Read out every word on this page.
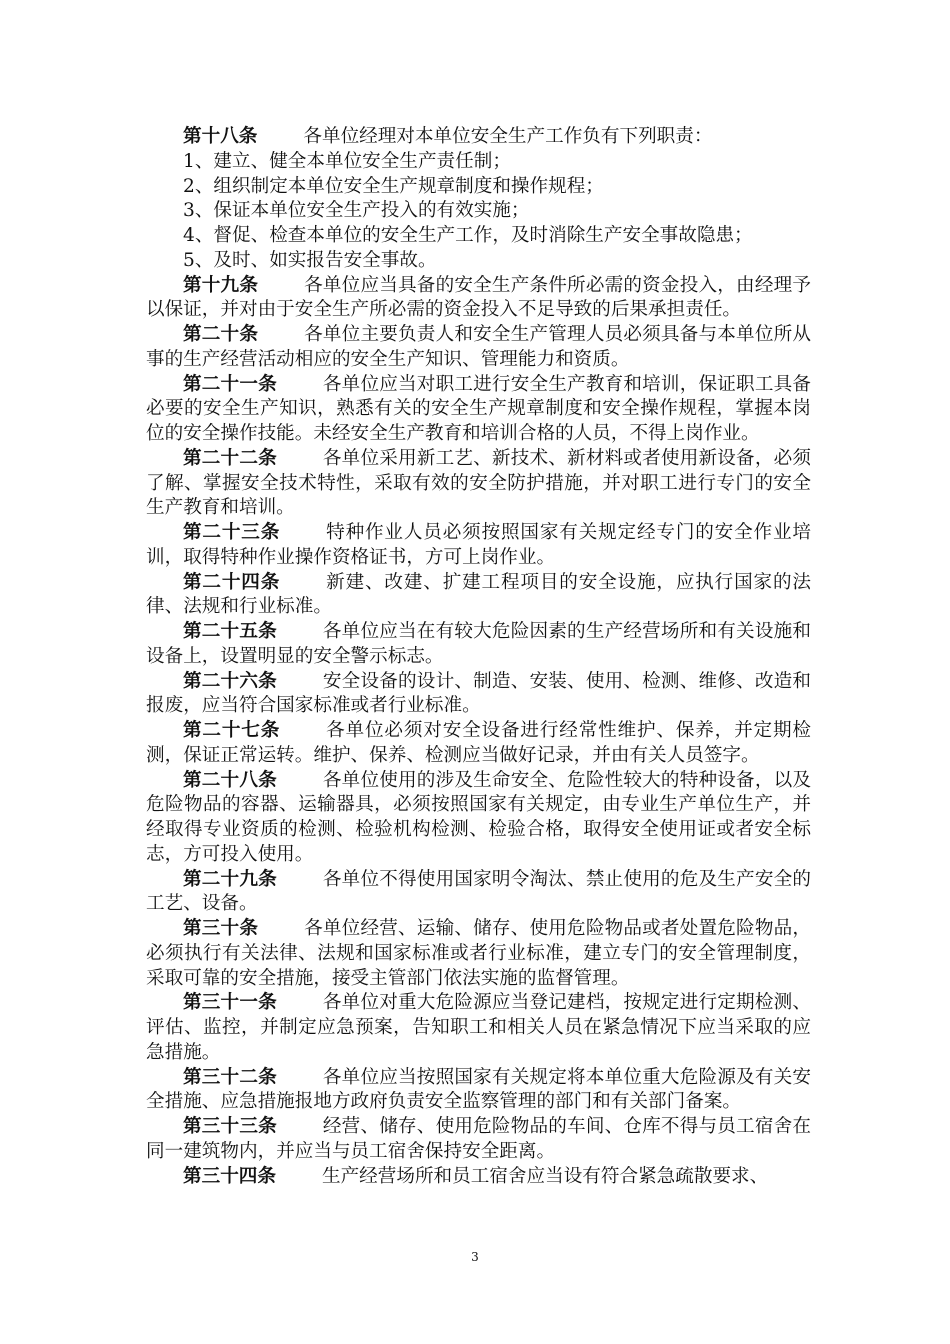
第十八条 各单位经理对本单位安全生产工作负有下列职责：

1、建立、健全本单位安全生产责任制；

2、组织制定本单位安全生产规章制度和操作规程；

3、保证本单位安全生产投入的有效实施；

4、督促、检查本单位的安全生产工作，及时消除生产安全事故隐患；

5、及时、如实报告安全事故。

第十九条 各单位应当具备的安全生产条件所必需的资金投入，由经理予以保证，并对由于安全生产所必需的资金投入不足导致的后果承担责任。

第二十条 各单位主要负责人和安全生产管理人员必须具备与本单位所从事的生产经营活动相应的安全生产知识、管理能力和资质。

第二十一条 各单位应当对职工进行安全生产教育和培训，保证职工具备必要的安全生产知识，熟悉有关的安全生产规章制度和安全操作规程，掌握本岗位的安全操作技能。未经安全生产教育和培训合格的人员，不得上岗作业。

第二十二条 各单位采用新工艺、新技术、新材料或者使用新设备，必须了解、掌握安全技术特性，采取有效的安全防护措施，并对职工进行专门的安全生产教育和培训。

第二十三条 特种作业人员必须按照国家有关规定经专门的安全作业培训，取得特种作业操作资格证书，方可上岗作业。

第二十四条 新建、改建、扩建工程项目的安全设施，应执行国家的法律、法规和行业标准。

第二十五条 各单位应当在有较大危险因素的生产经营场所和有关设施和设备上，设置明显的安全警示标志。

第二十六条 安全设备的设计、制造、安装、使用、检测、维修、改造和报废，应当符合国家标准或者行业标准。

第二十七条 各单位必须对安全设备进行经常性维护、保养，并定期检测，保证正常运转。维护、保养、检测应当做好记录，并由有关人员签字。

第二十八条 各单位使用的涉及生命安全、危险性较大的特种设备，以及危险物品的容器、运输器具，必须按照国家有关规定，由专业生产单位生产，并经取得专业资质的检测、检验机构检测、检验合格，取得安全使用证或者安全标志，方可投入使用。

第二十九条 各单位不得使用国家明令淘汰、禁止使用的危及生产安全的工艺、设备。

第三十条 各单位经营、运输、储存、使用危险物品或者处置危险物品，必须执行有关法律、法规和国家标准或者行业标准，建立专门的安全管理制度，采取可靠的安全措施，接受主管部门依法实施的监督管理。

第三十一条 各单位对重大危险源应当登记建档，按规定进行定期检测、评估、监控，并制定应急预案，告知职工和相关人员在紧急情况下应当采取的应急措施。

第三十二条 各单位应当按照国家有关规定将本单位重大危险源及有关安全措施、应急措施报地方政府负责安全监察管理的部门和有关部门备案。

第三十三条 经营、储存、使用危险物品的车间、仓库不得与员工宿舍在同一建筑物内，并应当与员工宿舍保持安全距离。

第三十四条 生产经营场所和员工宿舍应当设有符合紧急疏散要求、

3
